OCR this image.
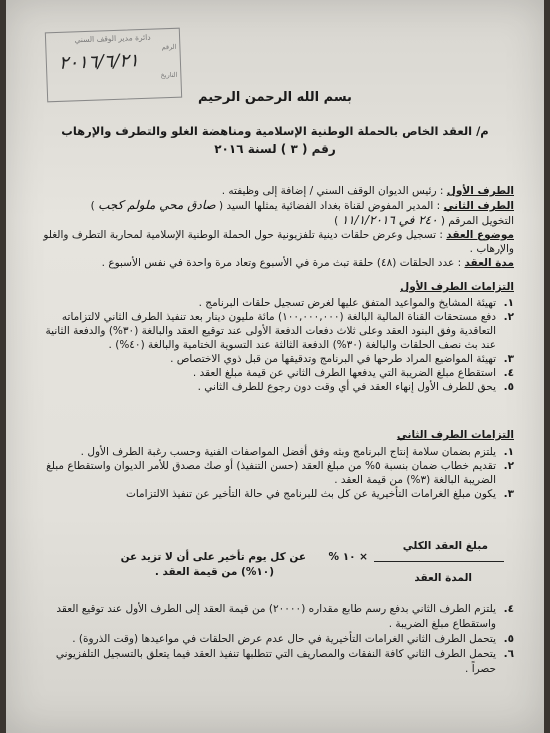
دائرة مدير الوقف السني
الرقم
٢٠١٦/٦/٢١
التاريخ
بسم الله الرحمن الرحيم
م/ العقد الخاص بالحملة الوطنية الإسلامية ومناهضة الغلو والتطرف والإرهاب
رقم ( ٣ ) لسنة ٢٠١٦
الطرف الأول : رئيس الديوان الوقف السني / إضافة إلى وظيفته .
الطرف الثاني : المدير المفوض لقناة بغداد الفضائية يمثلها السيد ( صادق محي ملولم كجب )
التخويل المرقم ( ٢٤٠ في ١١/١/٢٠١٦ )
موضوع العقد : تسجيل وعرض حلقات دينية تلفزيونية حول الحملة الوطنية الإسلامية لمحاربة التطرف والغلو والإرهاب .
مدة العقد : عدد الحلقات (٤٨) حلقة تبث مرة في الأسبوع وتعاد مرة واحدة في نفس الأسبوع .
التزامات الطرف الأول
١.
تهيئة المشايخ والمواعيد المتفق عليها لغرض تسجيل حلقات البرنامج .
٢.
دفع مستحقات القناة المالية البالغة (١٠٠,٠٠٠,٠٠٠) مائة مليون دينار بعد تنفيذ الطرف الثاني لالتزاماته التعاقدية وفق البنود العقد وعلى ثلاث دفعات الدفعة الأولى عند توقيع العقد والبالغة (٣٠%) والدفعة الثانية عند بث نصف الحلقات والبالغة (٣٠%) الدفعة الثالثة عند التسوية الختامية والبالغة (٤٠%) .
٣.
تهيئة المواضيع المراد طرحها في البرنامج وتدقيقها من قبل ذوي الاختصاص .
٤.
استقطاع مبلغ الضريبة التي يدفعها الطرف الثاني عن قيمة مبلغ العقد .
٥.
يحق للطرف الأول إنهاء العقد في أي وقت دون رجوع للطرف الثاني .
التزامات الطرف الثاني
١.
يلتزم بضمان سلامة إنتاج البرنامج وبثه وفق أفضل المواصفات الفنية وحسب رغبة الطرف الأول .
٢.
تقديم خطاب ضمان بنسبة ٥% من مبلغ العقد (حسن التنفيذ) أو صك مصدق للأمر الديوان واستقطاع مبلغ الضريبة البالغة (٣%) من قيمة العقد .
٣.
يكون مبلغ الغرامات التأخيرية عن كل بث للبرنامج في حالة التأخير عن تنفيذ الالتزامات
مبلغ العقد الكلي
المدة العقد
× ١٠ %
عن كل يوم تأخير على أن لا تزيد عن
(١٠%) من قيمة العقد .
٤.
يلتزم الطرف الثاني بدفع رسم طابع مقداره (٢٠٠٠٠) من قيمة العقد إلى الطرف الأول عند توقيع العقد واستقطاع مبلغ الضريبة .
٥.
يتحمل الطرف الثاني الغرامات التأخيرية في حال عدم عرض الحلقات في مواعيدها (وقت الذروة) .
٦.
يتحمل الطرف الثاني كافة النفقات والمصاريف التي تتطلبها تنفيذ العقد فيما يتعلق بالتسجيل التلفزيوني حصراً .
